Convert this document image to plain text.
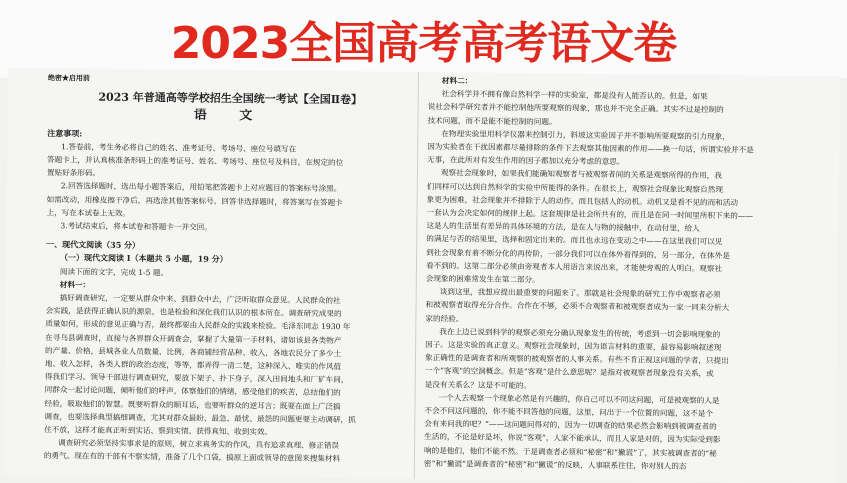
2023全国高考高考语文卷
绝密★启用前
2023 年普通高等学校招生全国统一考试【全国Ⅱ卷】
语 文
注意事项:
1.答卷前，考生务必将自己的姓名、准考证号、考场号、座位号填写在
答题卡上，并认真核准条形码上的准考证号、姓名、考场号、座位号及科目，在规定的位
置贴好条形码。
2.回答选择题时，选出每小题答案后，用铅笔把答题卡上对应题目的答案标号涂黑。
如需改动，用橡皮擦干净后，再选涂其他答案标号。回答非选择题时，将答案写在答题卡
上，写在本试卷上无效。
3.考试结束后，将本试卷和答题卡一并交回。
一、现代文阅读（35 分）
（一）现代文阅读 Ⅰ（本题共 5 小题，19 分）
阅读下面的文字，完成 1-5 题。
材料一：
搞好调查研究，一定要从群众中来、到群众中去，广泛听取群众意见。人民群众的社
会实践，是获得正确认识的源泉，也是检验和深化我们认识的根本所在。调查研究成果的
质量如何，形成的意见正确与否，最终都要由人民群众的实践来检验。毛泽东同志 1930 年
在寻乌县调查时，直接与各界群众开调查会，掌握了大量第一手材料，诸如该县各类物产
的产量、价格，县城各业人员数量、比例，各商铺经营品种、收入，各地农民分了多少土
地、收入怎样，各类人群的政治态度，等等，都弄得一清二楚，这种深入、唯实的作风值
得我们学习。领导干部进行调查研究，要放下架子、扑下身子，深入田间地头和厂矿车间，
同群众一起讨论问题，倾听他们的呼声，体察他们的情绪，感受他们的疾苦，总结他们的
经验，吸取他们的智慧。既要听群众的顺耳话，也要听群众的逆耳言；既要在面上广泛搞
调查，也要选择典型搞细调查，尤其对群众最盼、最急、最忧、最怨的问题更要主动调研，抓
住不放，这样才能真正听到实话、察到实情、获得真知、收到实效。
调查研究必须坚持实事求是的原则，树立求真务实的作风，具有追求真理、修正错误
的勇气。现在有的干部有不察实情，准备了几个口袋，搞原上面或领导的意图来搜集材料
材料二：
社会科学并不拥有像自然科学一样的实验室，都是没有人能否认的。但是，如果
说社会科学研究者并不能控制他所要观察的现象，那也并不完全正确。其实不过是控制的
技术问题，而不是能不能控制的问题。
在物理实验里用科学仪器来控制引力，斜坡这实验因子并不影响所要观察的引力现象，
因为实验者在干扰因素都尽量排除的条件下去观察其他因素的作用——换一句话，所谓实验并不是
无事，在此所对有发生作用的因子都加以充分考虑的意思。
观察社会现象时，如果我们能确知观察者与被观察者间的关系是观察所得的作用，我
们同样可以达到自然科学的实验中所能得的条件。在很长上，观察社会现象比观察自然现
象更为困难，社会现象并不排除于人的动作，而且包括人的动机。动机又是看不见的而和活动
一套认为会决定如何的规律上起。这套规律是社会所共有的，而且是在同一时间里所积下来的——
这是人的生活里有差异的具体环境的方法，是在人与物的接触中，在动付里，给人
的满足与否的结果里，选择和固定出来的。而且也永远在变动之中——在这里我们可以见
到社会现象有着不断分化的再传阶，一部分我们可以在体外看得到的，另一部分，在体外是
看不到的。这第二部分必须由旁观者本人用语言来说出来，才能使旁观的人明白。观察社
会现象的困难常发生在第二部分。
谈到这里，我想应提出最重要的问题来了。那就是社会现象的研究工作中观察者必须
和被观察者取得充分合作。合作在不够，必须不合观察者和被观察者成为一家一同来分析大
家的经验。
我在上边已说到科学的观察必须充分确认现象发生的传统，考虑到一切会影响现象的
因子。这是实验的真正意义。观察社会现象时，因为语言材料的重要，最容易影响叙述现
象正确性的是调查者和所观察的被观察者的人事关系。有些不肯正视这问题的学者，只提出
一个“客观”的空洞概念。但是“客观”是什么意思呢？是指对被观察者现象没有关系，或
是没有关系么？这是不可能的。
一个人去观察一个现象必然是有兴趣的，你自己可以不同这问题，可是被观察的人是
不会不问这问题的，你不能不回答他的问题，这里，问出于一个位置的问题，这不是个
会有来问我的吧？”——这问题问得对的，因为一切调查的结果必然会影响到被调查者的
生活的，不论是好是坏，你说“客观”，人家不能承认，而且人家是对的，因为实际受到影
响的是他们，他们不能不然。于是调查者必须和“秘密”和“撇谎”了，其实被调查者的“秘
密”和“撇谎”是调查者的“秘密”和“撇谎”的反映，人事联系往往，你对别人的态
